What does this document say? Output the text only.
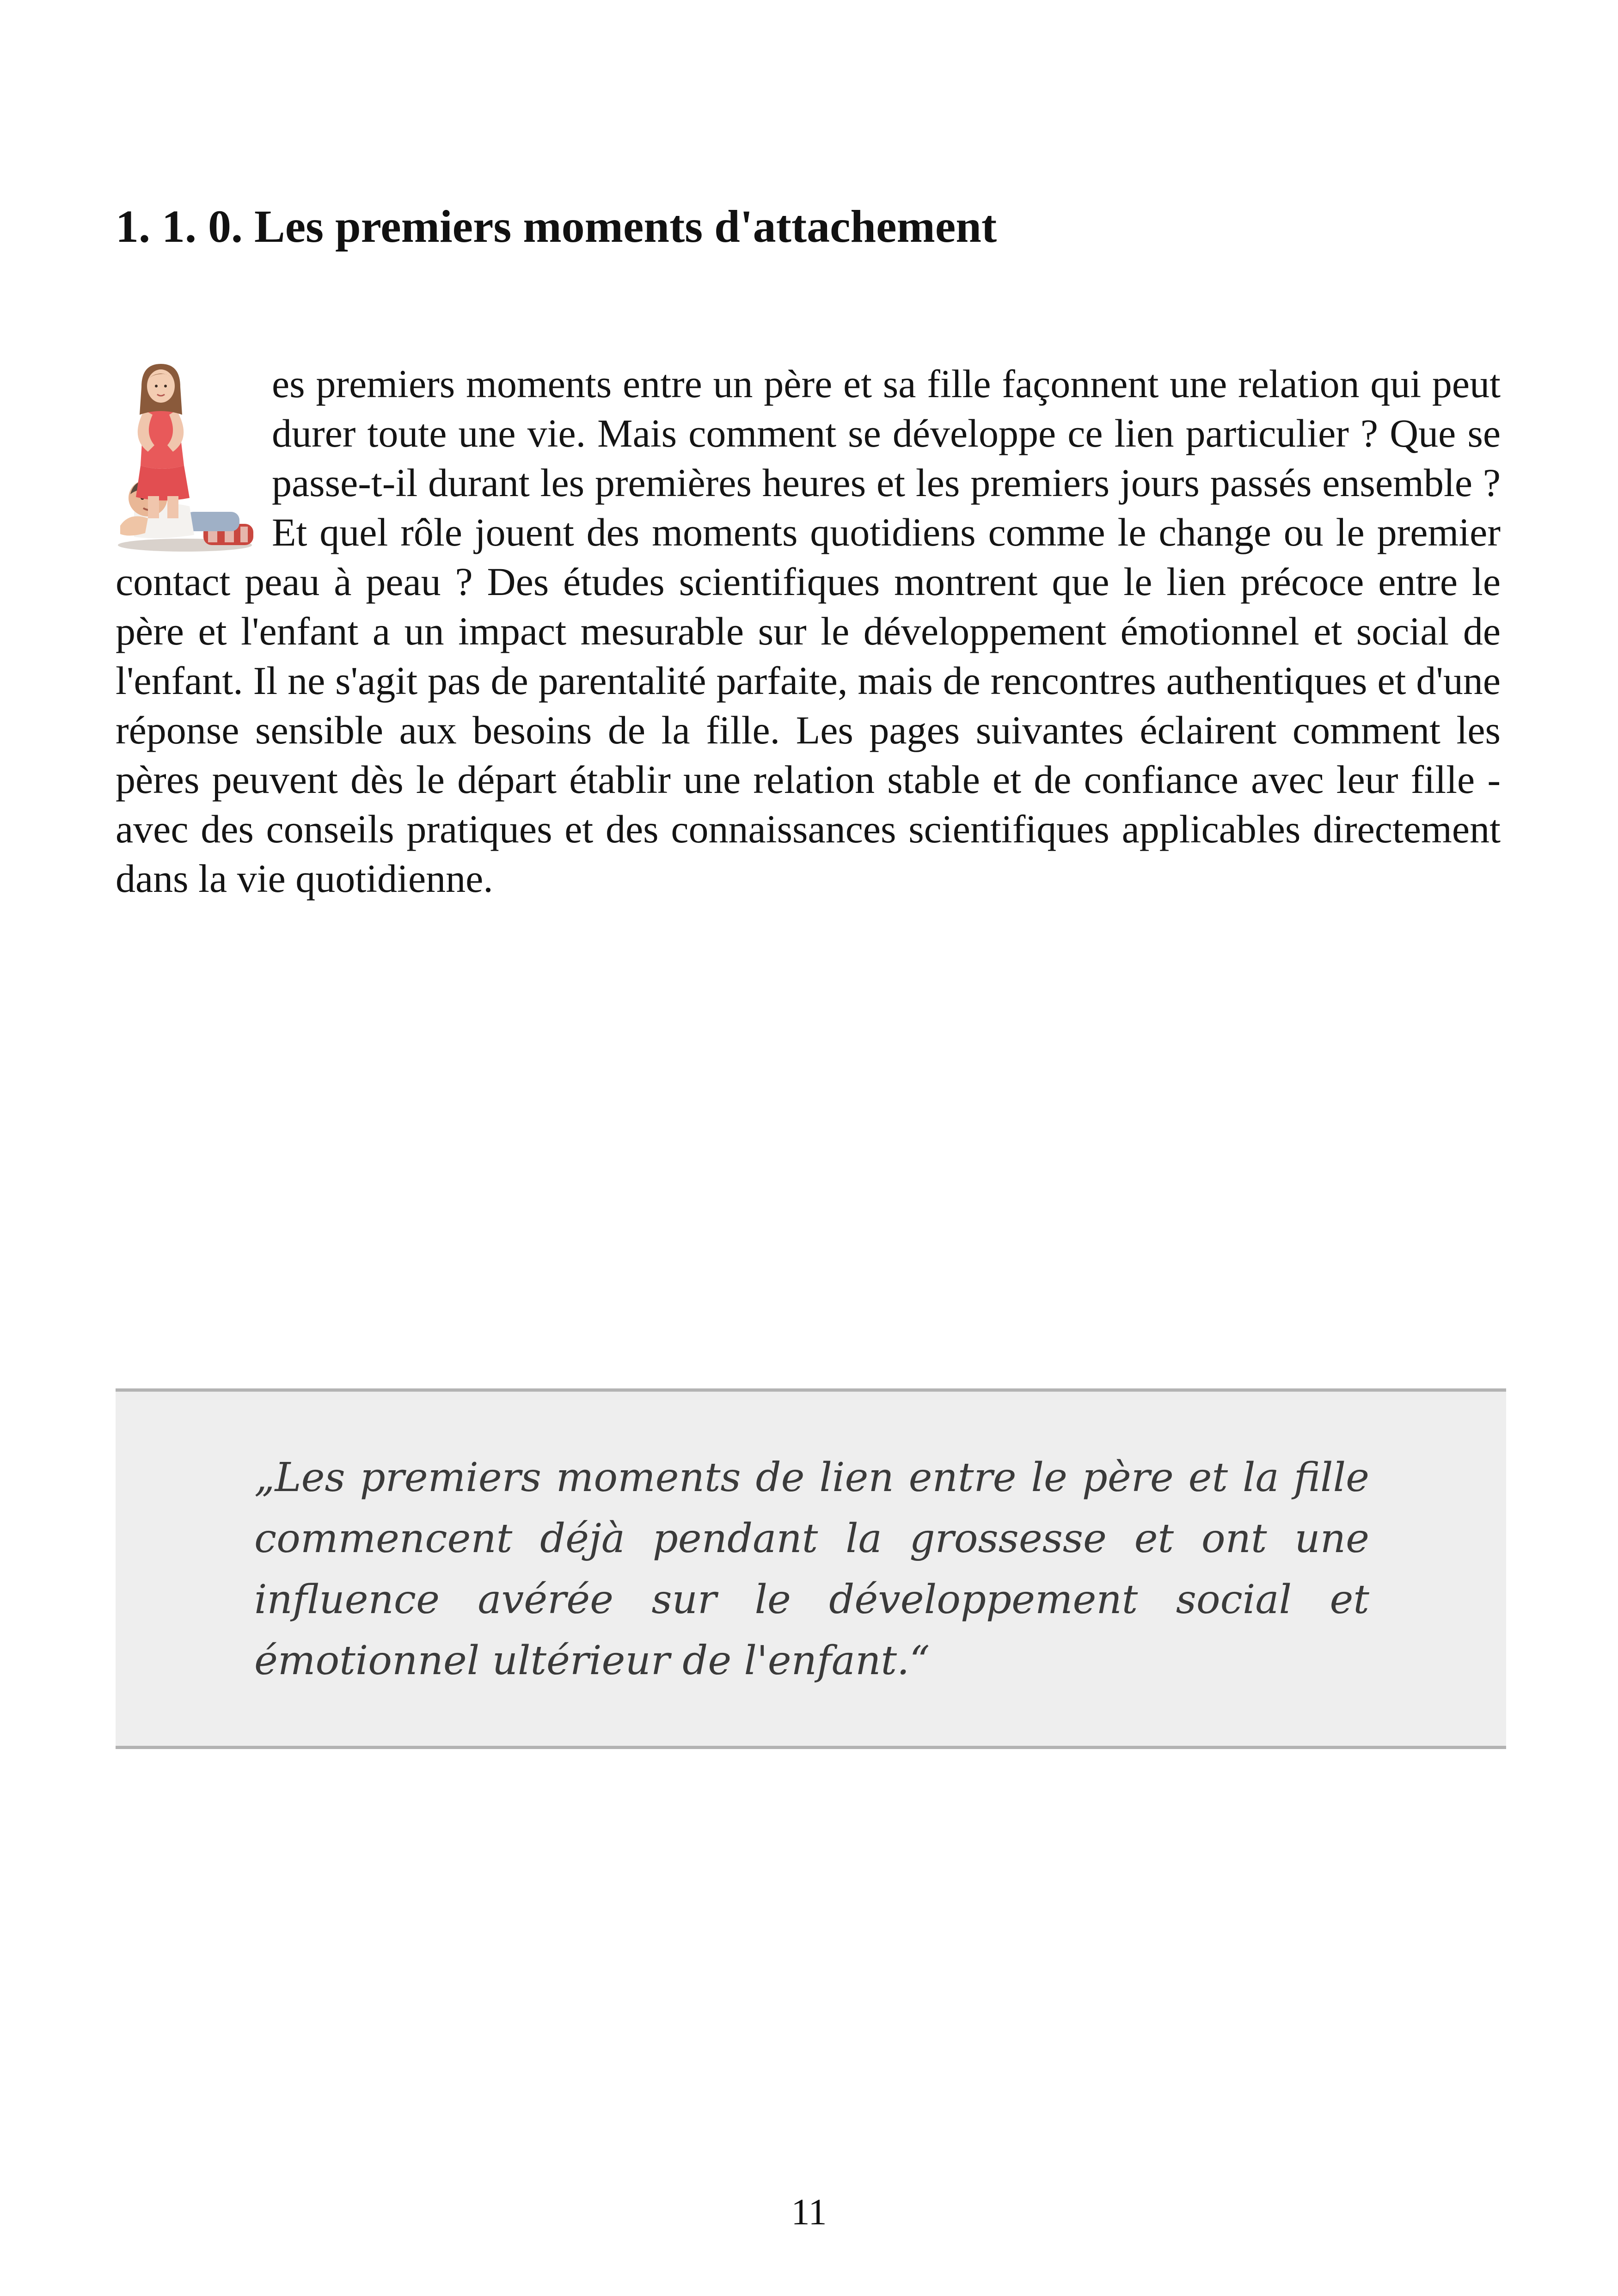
1. 1. 0. Les premiers moments d'attachement
es premiers moments entre un père et sa fille façonnent une relation qui peut durer toute une vie. Mais comment se développe ce lien particulier ? Que se passe-t-il durant les premières heures et les premiers jours passés ensemble ? Et quel rôle jouent des moments quotidiens comme le change ou le premier contact peau à peau ? Des études scientifiques montrent que le lien précoce entre le père et l'enfant a un impact mesurable sur le développement émotionnel et social de l'enfant. Il ne s'agit pas de parentalité parfaite, mais de rencontres authentiques et d'une réponse sensible aux besoins de la fille. Les pages suivantes éclairent comment les pères peuvent dès le départ établir une relation stable et de confiance avec leur fille - avec des conseils pratiques et des connaissances scientifiques applicables directement dans la vie quotidienne.

„Les premiers moments de lien entre le père et la fille commencent déjà pendant la grossesse et ont une influence avérée sur le développement social et émotionnel ultérieur de l'enfant.“

11
